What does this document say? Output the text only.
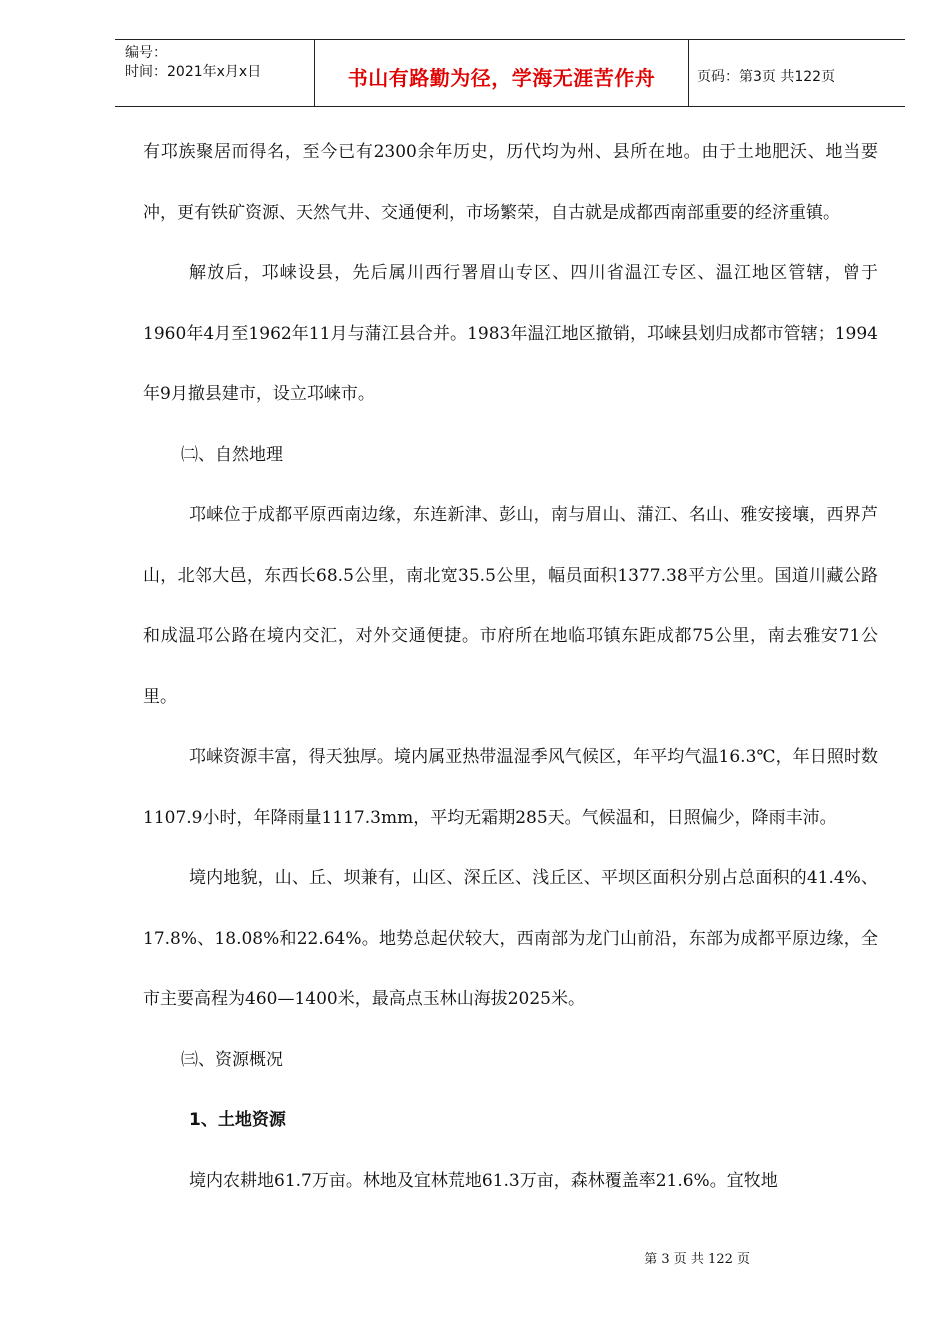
编号：
时间：2021年x月x日	书山有路勤为径，学海无涯苦作舟	页码：第3页 共122页

有邛族聚居而得名，至今已有2300余年历史，历代均为州、县所在地。由于土地肥沃、地当要冲，更有铁矿资源、天然气井、交通便利，市场繁荣，自古就是成都西南部重要的经济重镇。

解放后，邛崃设县，先后属川西行署眉山专区、四川省温江专区、温江地区管辖，曾于1960年4月至1962年11月与蒲江县合并。1983年温江地区撤销，邛崃县划归成都市管辖；1994年9月撤县建市，设立邛崃市。

㈡、自然地理

邛崃位于成都平原西南边缘，东连新津、彭山，南与眉山、蒲江、名山、雅安接壤，西界芦山，北邻大邑，东西长68.5公里，南北宽35.5公里，幅员面积1377.38平方公里。国道川藏公路和成温邛公路在境内交汇，对外交通便捷。市府所在地临邛镇东距成都75公里，南去雅安71公里。

邛崃资源丰富，得天独厚。境内属亚热带温湿季风气候区，年平均气温16.3℃，年日照时数1107.9小时，年降雨量1117.3mm，平均无霜期285天。气候温和，日照偏少，降雨丰沛。

境内地貌，山、丘、坝兼有，山区、深丘区、浅丘区、平坝区面积分别占总面积的41.4%、17.8%、18.08%和22.64%。地势总起伏较大，西南部为龙门山前沿，东部为成都平原边缘，全市主要高程为460—1400米，最高点玉林山海拔2025米。

㈢、资源概况

1、土地资源

境内农耕地61.7万亩。林地及宜林荒地61.3万亩，森林覆盖率21.6%。宜牧地

第 3 页 共 122 页
